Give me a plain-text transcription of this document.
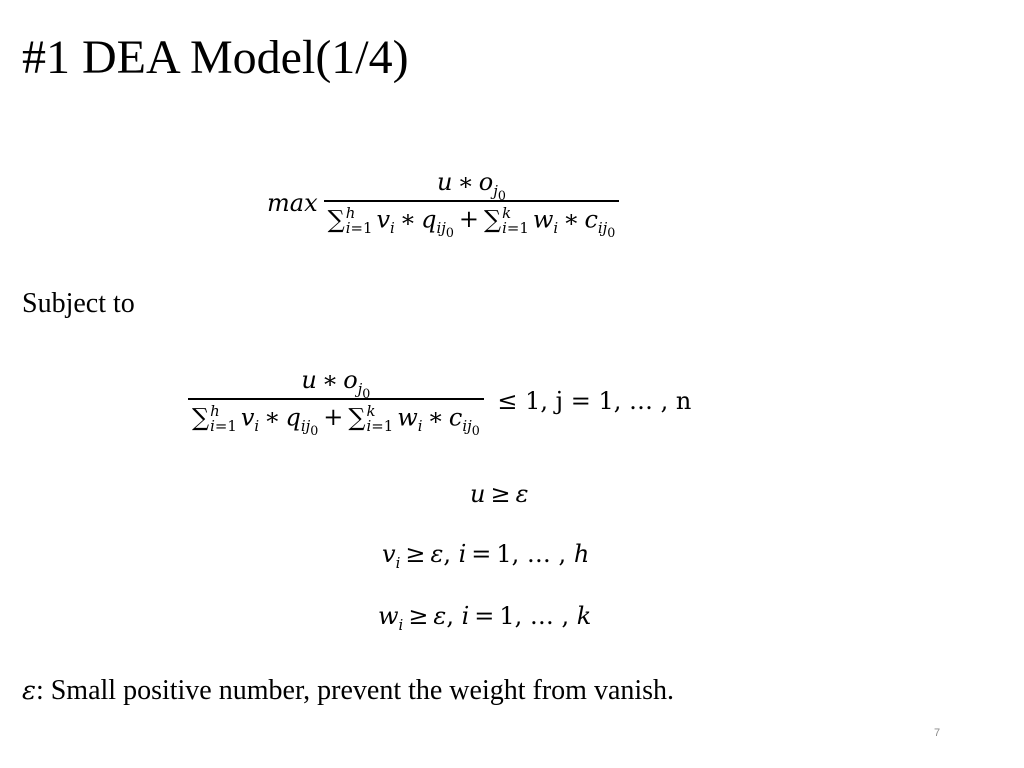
#1 DEA Model(1/4)
max u ∗ $o_{j_0}$
∑ h
i=1 $v_i$ ∗ $q_{ij_0}$ + ∑ k
i=1 $w_i$ ∗ $c_{ij_0}$
Subject to
u ∗ $o_{j_0}$
∑ h
i=1 $v_i$ ∗ $q_{ij_0}$ + ∑ k
i=1 $w_i$ ∗ $c_{ij_0} \le 1$, j = 1, … , n
u ≥ ε
$v_i \ge \varepsilon$, i = 1, … , h
$w_i \ge \varepsilon$, i = 1, … , k
ε: Small positive number, prevent the weight from vanish.
7
